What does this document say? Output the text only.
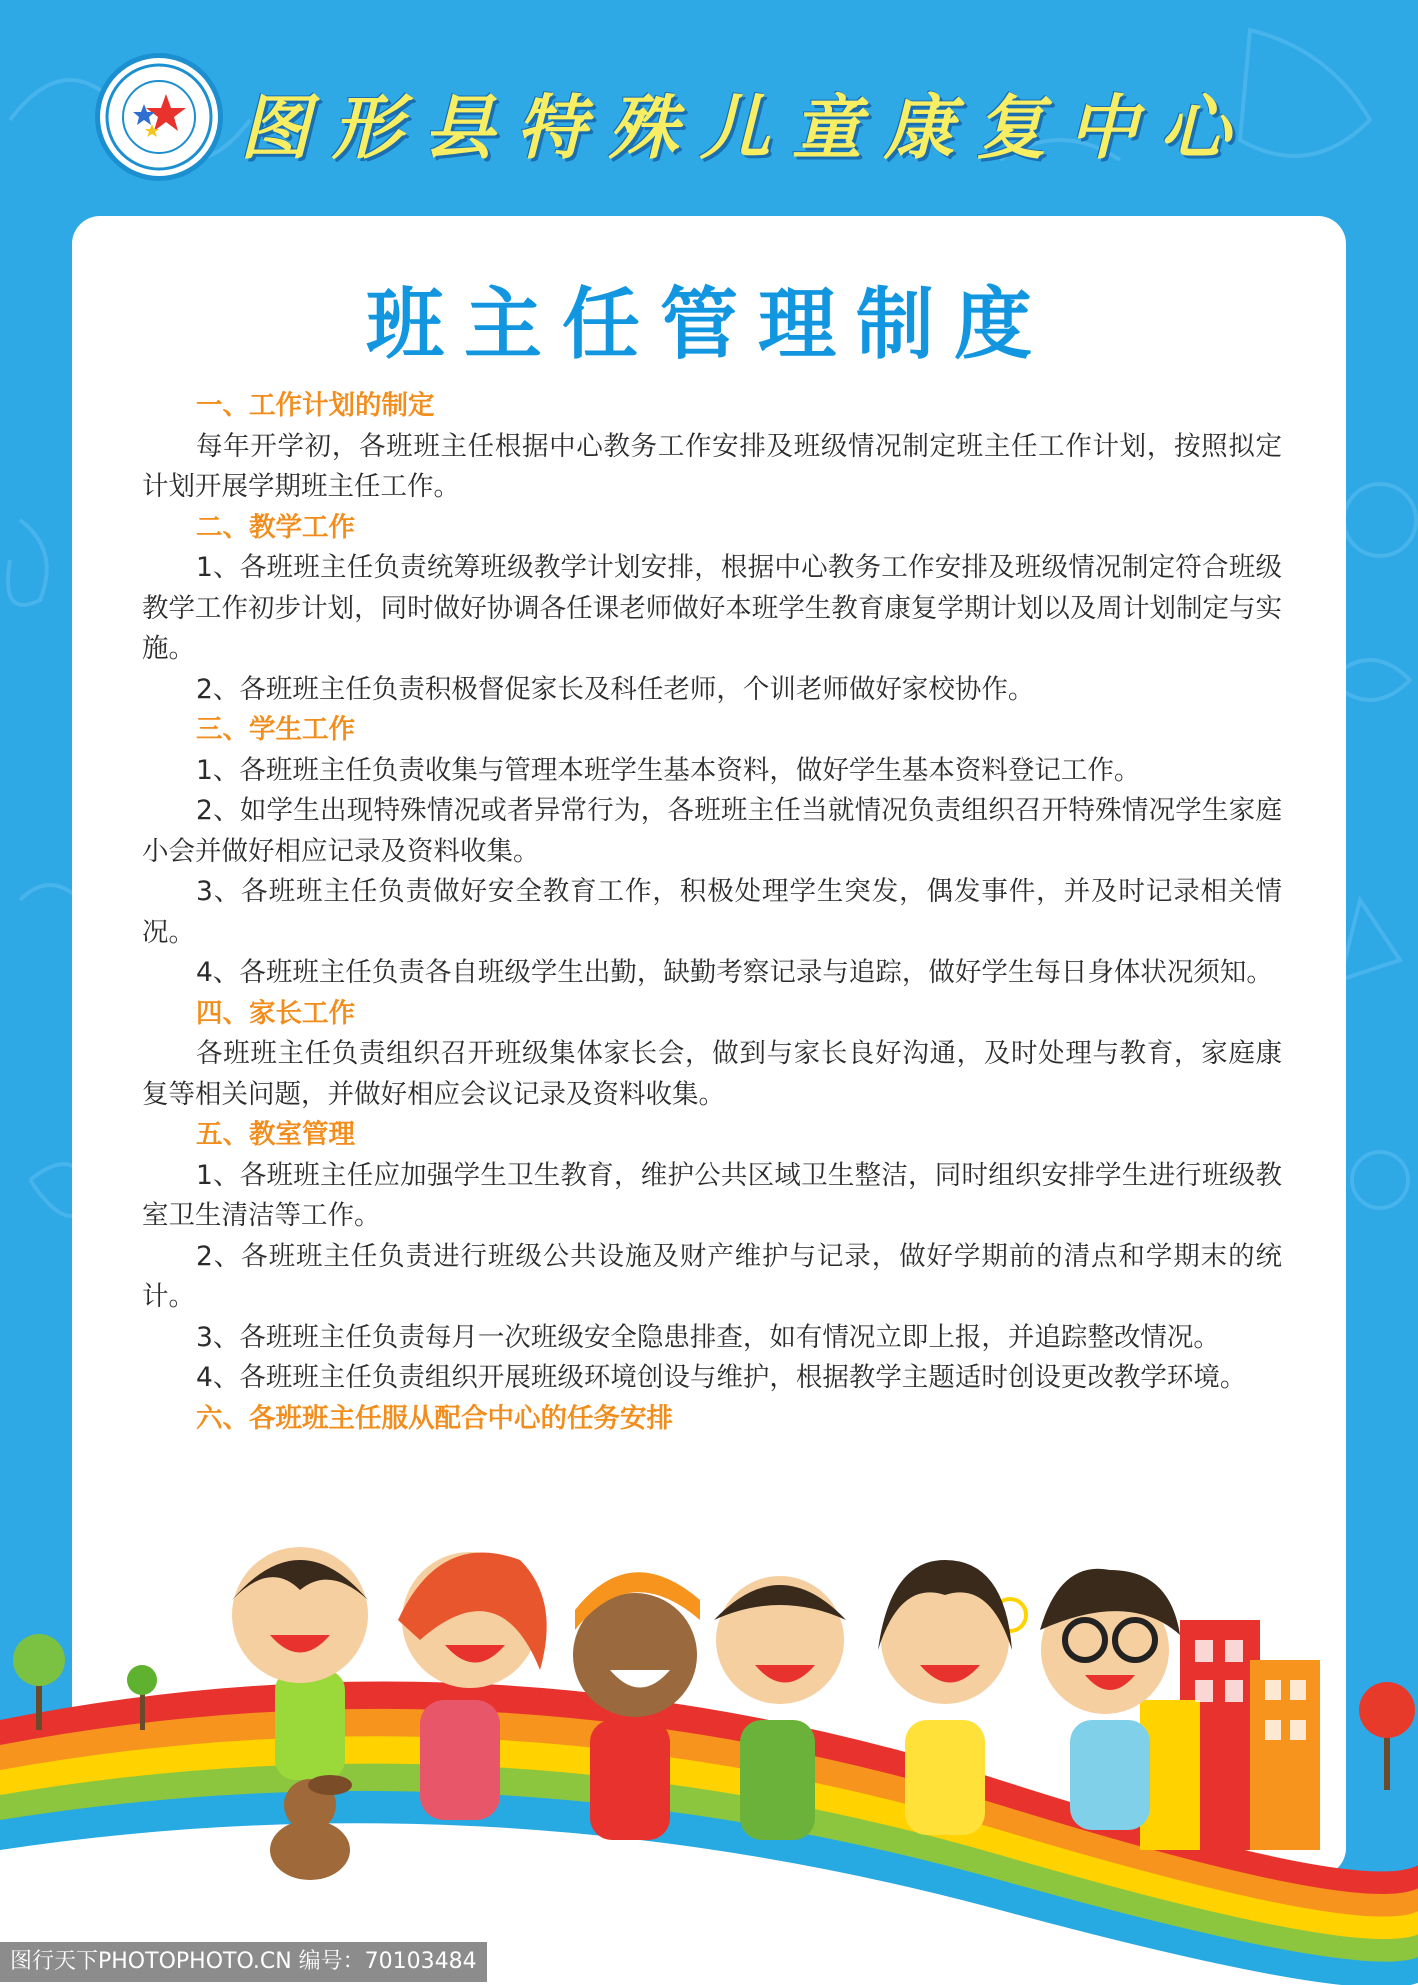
图形县特殊儿童康复中心
班主任管理制度
一、工作计划的制定
每年开学初，各班班主任根据中心教务工作安排及班级情况制定班主任工作计划，按照拟定计划开展学期班主任工作。
二、教学工作
1、各班班主任负责统筹班级教学计划安排，根据中心教务工作安排及班级情况制定符合班级教学工作初步计划，同时做好协调各任课老师做好本班学生教育康复学期计划以及周计划制定与实施。
2、各班班主任负责积极督促家长及科任老师，个训老师做好家校协作。
三、学生工作
1、各班班主任负责收集与管理本班学生基本资料，做好学生基本资料登记工作。
2、如学生出现特殊情况或者异常行为，各班班主任当就情况负责组织召开特殊情况学生家庭小会并做好相应记录及资料收集。
3、各班班主任负责做好安全教育工作，积极处理学生突发，偶发事件，并及时记录相关情况。
4、各班班主任负责各自班级学生出勤，缺勤考察记录与追踪，做好学生每日身体状况须知。
四、家长工作
各班班主任负责组织召开班级集体家长会，做到与家长良好沟通，及时处理与教育，家庭康复等相关问题，并做好相应会议记录及资料收集。
五、教室管理
1、各班班主任应加强学生卫生教育，维护公共区域卫生整洁，同时组织安排学生进行班级教室卫生清洁等工作。
2、各班班主任负责进行班级公共设施及财产维护与记录，做好学期前的清点和学期末的统计。
3、各班班主任负责每月一次班级安全隐患排查，如有情况立即上报，并追踪整改情况。
4、各班班主任负责组织开展班级环境创设与维护，根据教学主题适时创设更改教学环境。
六、各班班主任服从配合中心的任务安排
图行天下PHOTOPHOTO.CN 编号：70103484
